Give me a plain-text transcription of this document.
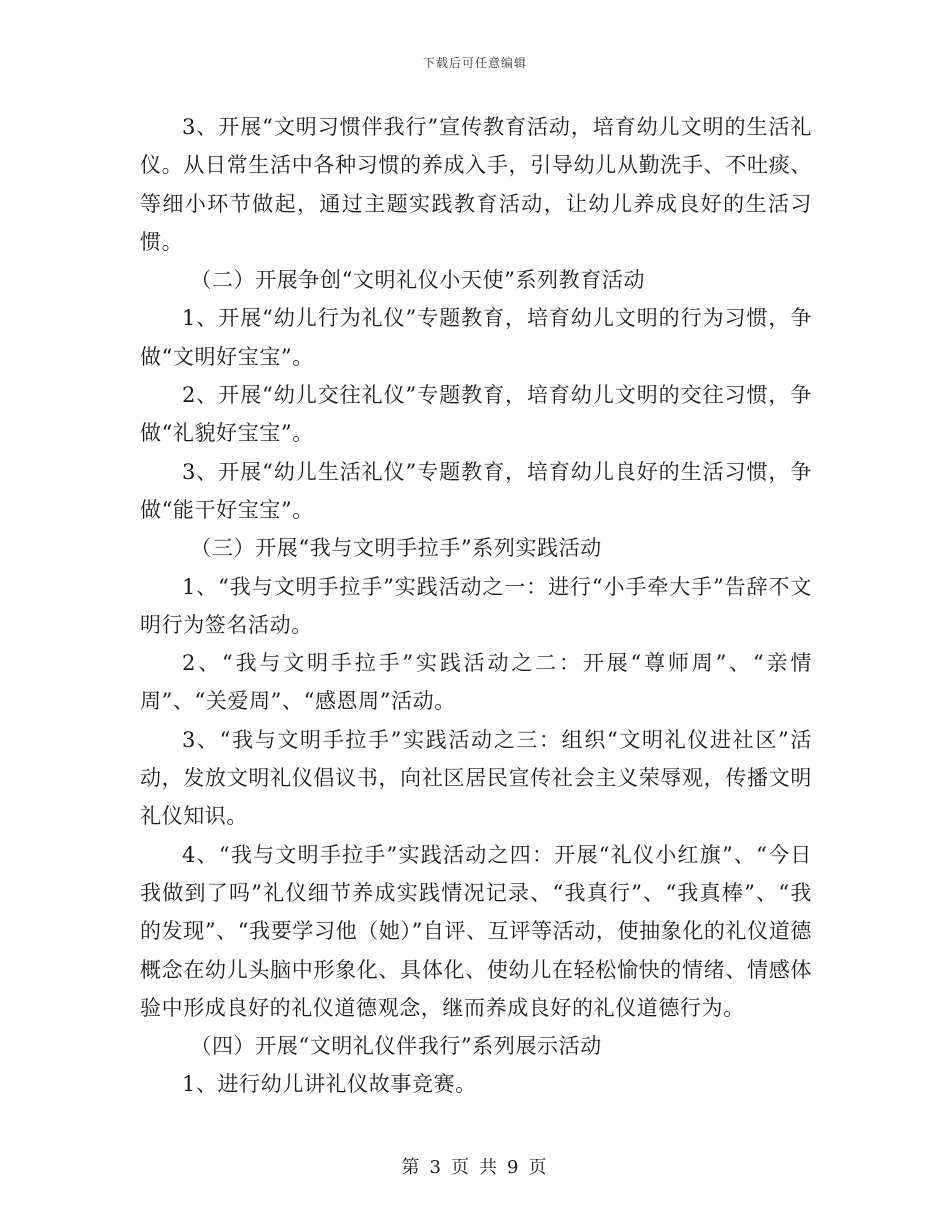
下载后可任意编辑

3、开展“文明习惯伴我行”宣传教育活动，培育幼儿文明的生活礼仪。从日常生活中各种习惯的养成入手，引导幼儿从勤洗手、不吐痰、等细小环节做起，通过主题实践教育活动，让幼儿养成良好的生活习惯。

（二）开展争创“文明礼仪小天使”系列教育活动

1、开展“幼儿行为礼仪”专题教育，培育幼儿文明的行为习惯，争做“文明好宝宝”。

2、开展“幼儿交往礼仪”专题教育，培育幼儿文明的交往习惯，争做“礼貌好宝宝”。

3、开展“幼儿生活礼仪”专题教育，培育幼儿良好的生活习惯，争做“能干好宝宝”。

（三）开展“我与文明手拉手”系列实践活动

1、“我与文明手拉手”实践活动之一：进行“小手牵大手”告辞不文明行为签名活动。

2、“我与文明手拉手”实践活动之二：开展“尊师周”、“亲情周”、“关爱周”、“感恩周”活动。

3、“我与文明手拉手”实践活动之三：组织“文明礼仪进社区”活动，发放文明礼仪倡议书，向社区居民宣传社会主义荣辱观，传播文明礼仪知识。

4、“我与文明手拉手”实践活动之四：开展“礼仪小红旗”、“今日我做到了吗”礼仪细节养成实践情况记录、“我真行”、“我真棒”、“我的发现”、“我要学习他（她）”自评、互评等活动，使抽象化的礼仪道德概念在幼儿头脑中形象化、具体化、使幼儿在轻松愉快的情绪、情感体验中形成良好的礼仪道德观念，继而养成良好的礼仪道德行为。

（四）开展“文明礼仪伴我行”系列展示活动

1、进行幼儿讲礼仪故事竞赛。

第 3 页 共 9 页
